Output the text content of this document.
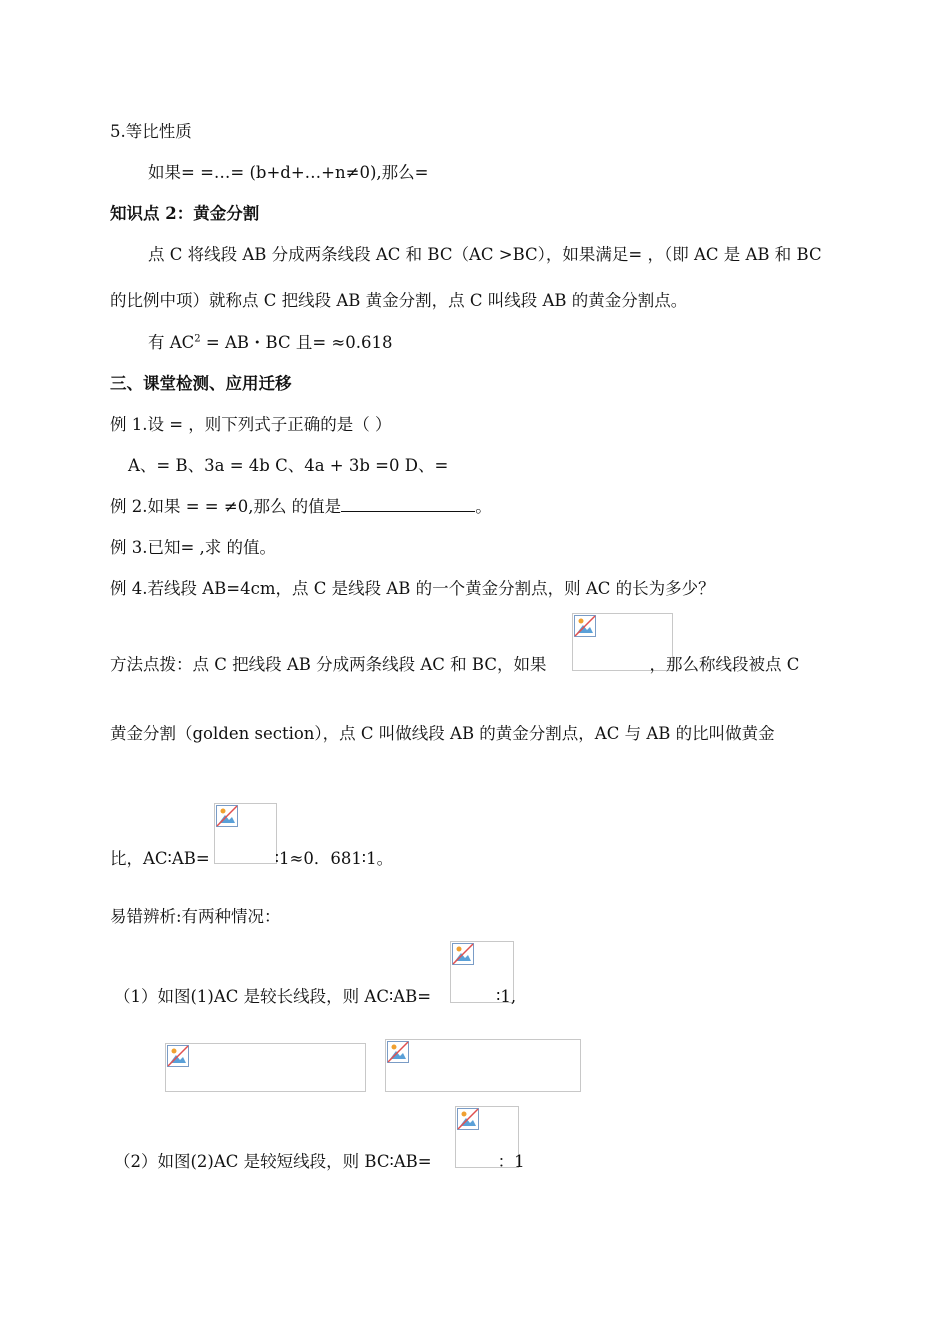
5.等比性质
如果= =…= (b+d+…+n≠0),那么=
知识点 2：黄金分割
点 C 将线段 AB 分成两条线段 AC 和 BC（AC >BC），如果满足= ，（即 AC 是 AB 和 BC
的比例中项）就称点 C 把线段 AB 黄金分割，点 C 叫线段 AB 的黄金分割点。
有 $AC^2$ = AB・BC 且= ≈0.618
三、课堂检测、应用迁移
例 1.设 = ，则下列式子正确的是（ ）
A、= B、3a = 4b C、4a + 3b =0 D、=
例 2.如果 = = ≠0,那么 的值是	。
例 3.已知= ,求 的值。
例 4.若线段 AB=4cm，点 C 是线段 AB 的一个黄金分割点，则 AC 的长为多少？
方法点拨：点 C 把线段 AB 分成两条线段 AC 和 BC，如果	，那么称线段被点 C
黄金分割（golden section），点 C 叫做线段 AB 的黄金分割点，AC 与 AB 的比叫做黄金
比，AC∶AB=	∶1≈0．681∶1。
易错辨析:有两种情况：
（1）如图(1)AC 是较长线段，则 AC∶AB=	∶1,
（2）如图(2)AC 是较短线段，则 BC∶AB=	：1
